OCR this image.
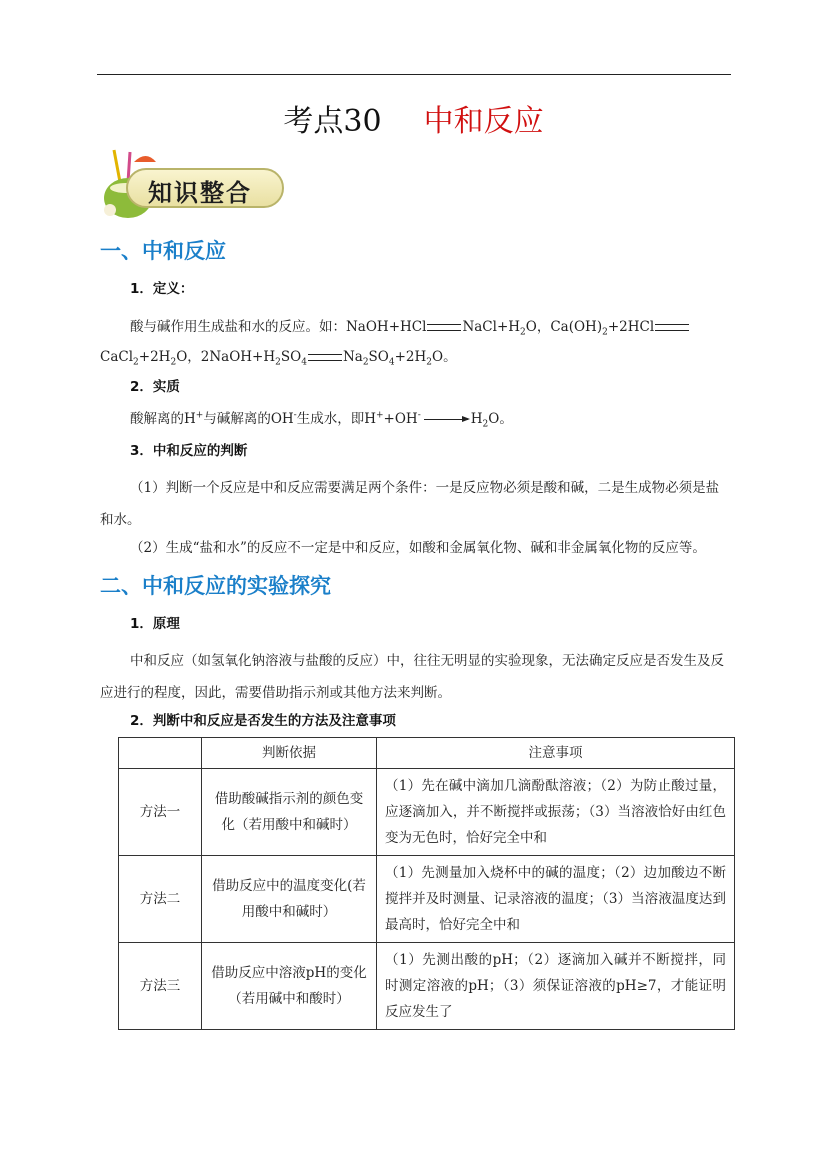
考点30 中和反应
知识整合
一、中和反应
1．定义：
酸与碱作用生成盐和水的反应。如：NaOH+HCl	$NaCl+H_2O$，$Ca(OH)_2+2HCl$
$CaCl_2+2H_2O$，$2NaOH+H_2SO_4$	$Na_2SO_4+2H_2O$。
2．实质
酸解离的H+与碱解离的OH-生成水，即$H^++OH^- \to H_2O$。
3．中和反应的判断
（1）判断一个反应是中和反应需要满足两个条件：一是反应物必须是酸和碱，二是生成物必须是盐和水。
（2）生成“盐和水”的反应不一定是中和反应，如酸和金属氧化物、碱和非金属氧化物的反应等。
二、中和反应的实验探究
1．原理
中和反应（如氢氧化钠溶液与盐酸的反应）中，往往无明显的实验现象，无法确定反应是否发生及反应进行的程度，因此，需要借助指示剂或其他方法来判断。
2．判断中和反应是否发生的方法及注意事项
	判断依据	注意事项
方法一	借助酸碱指示剂的颜色变化（若用酸中和碱时）	（1）先在碱中滴加几滴酚酞溶液；（2）为防止酸过量，应逐滴加入，并不断搅拌或振荡；（3）当溶液恰好由红色变为无色时，恰好完全中和
方法二	借助反应中的温度变化(若用酸中和碱时）	（1）先测量加入烧杯中的碱的温度；（2）边加酸边不断搅拌并及时测量、记录溶液的温度；（3）当溶液温度达到最高时，恰好完全中和
方法三	借助反应中溶液pH的变化（若用碱中和酸时）	（1）先测出酸的pH；（2）逐滴加入碱并不断搅拌，同时测定溶液的pH；（3）须保证溶液的pH≥7，才能证明反应发生了
